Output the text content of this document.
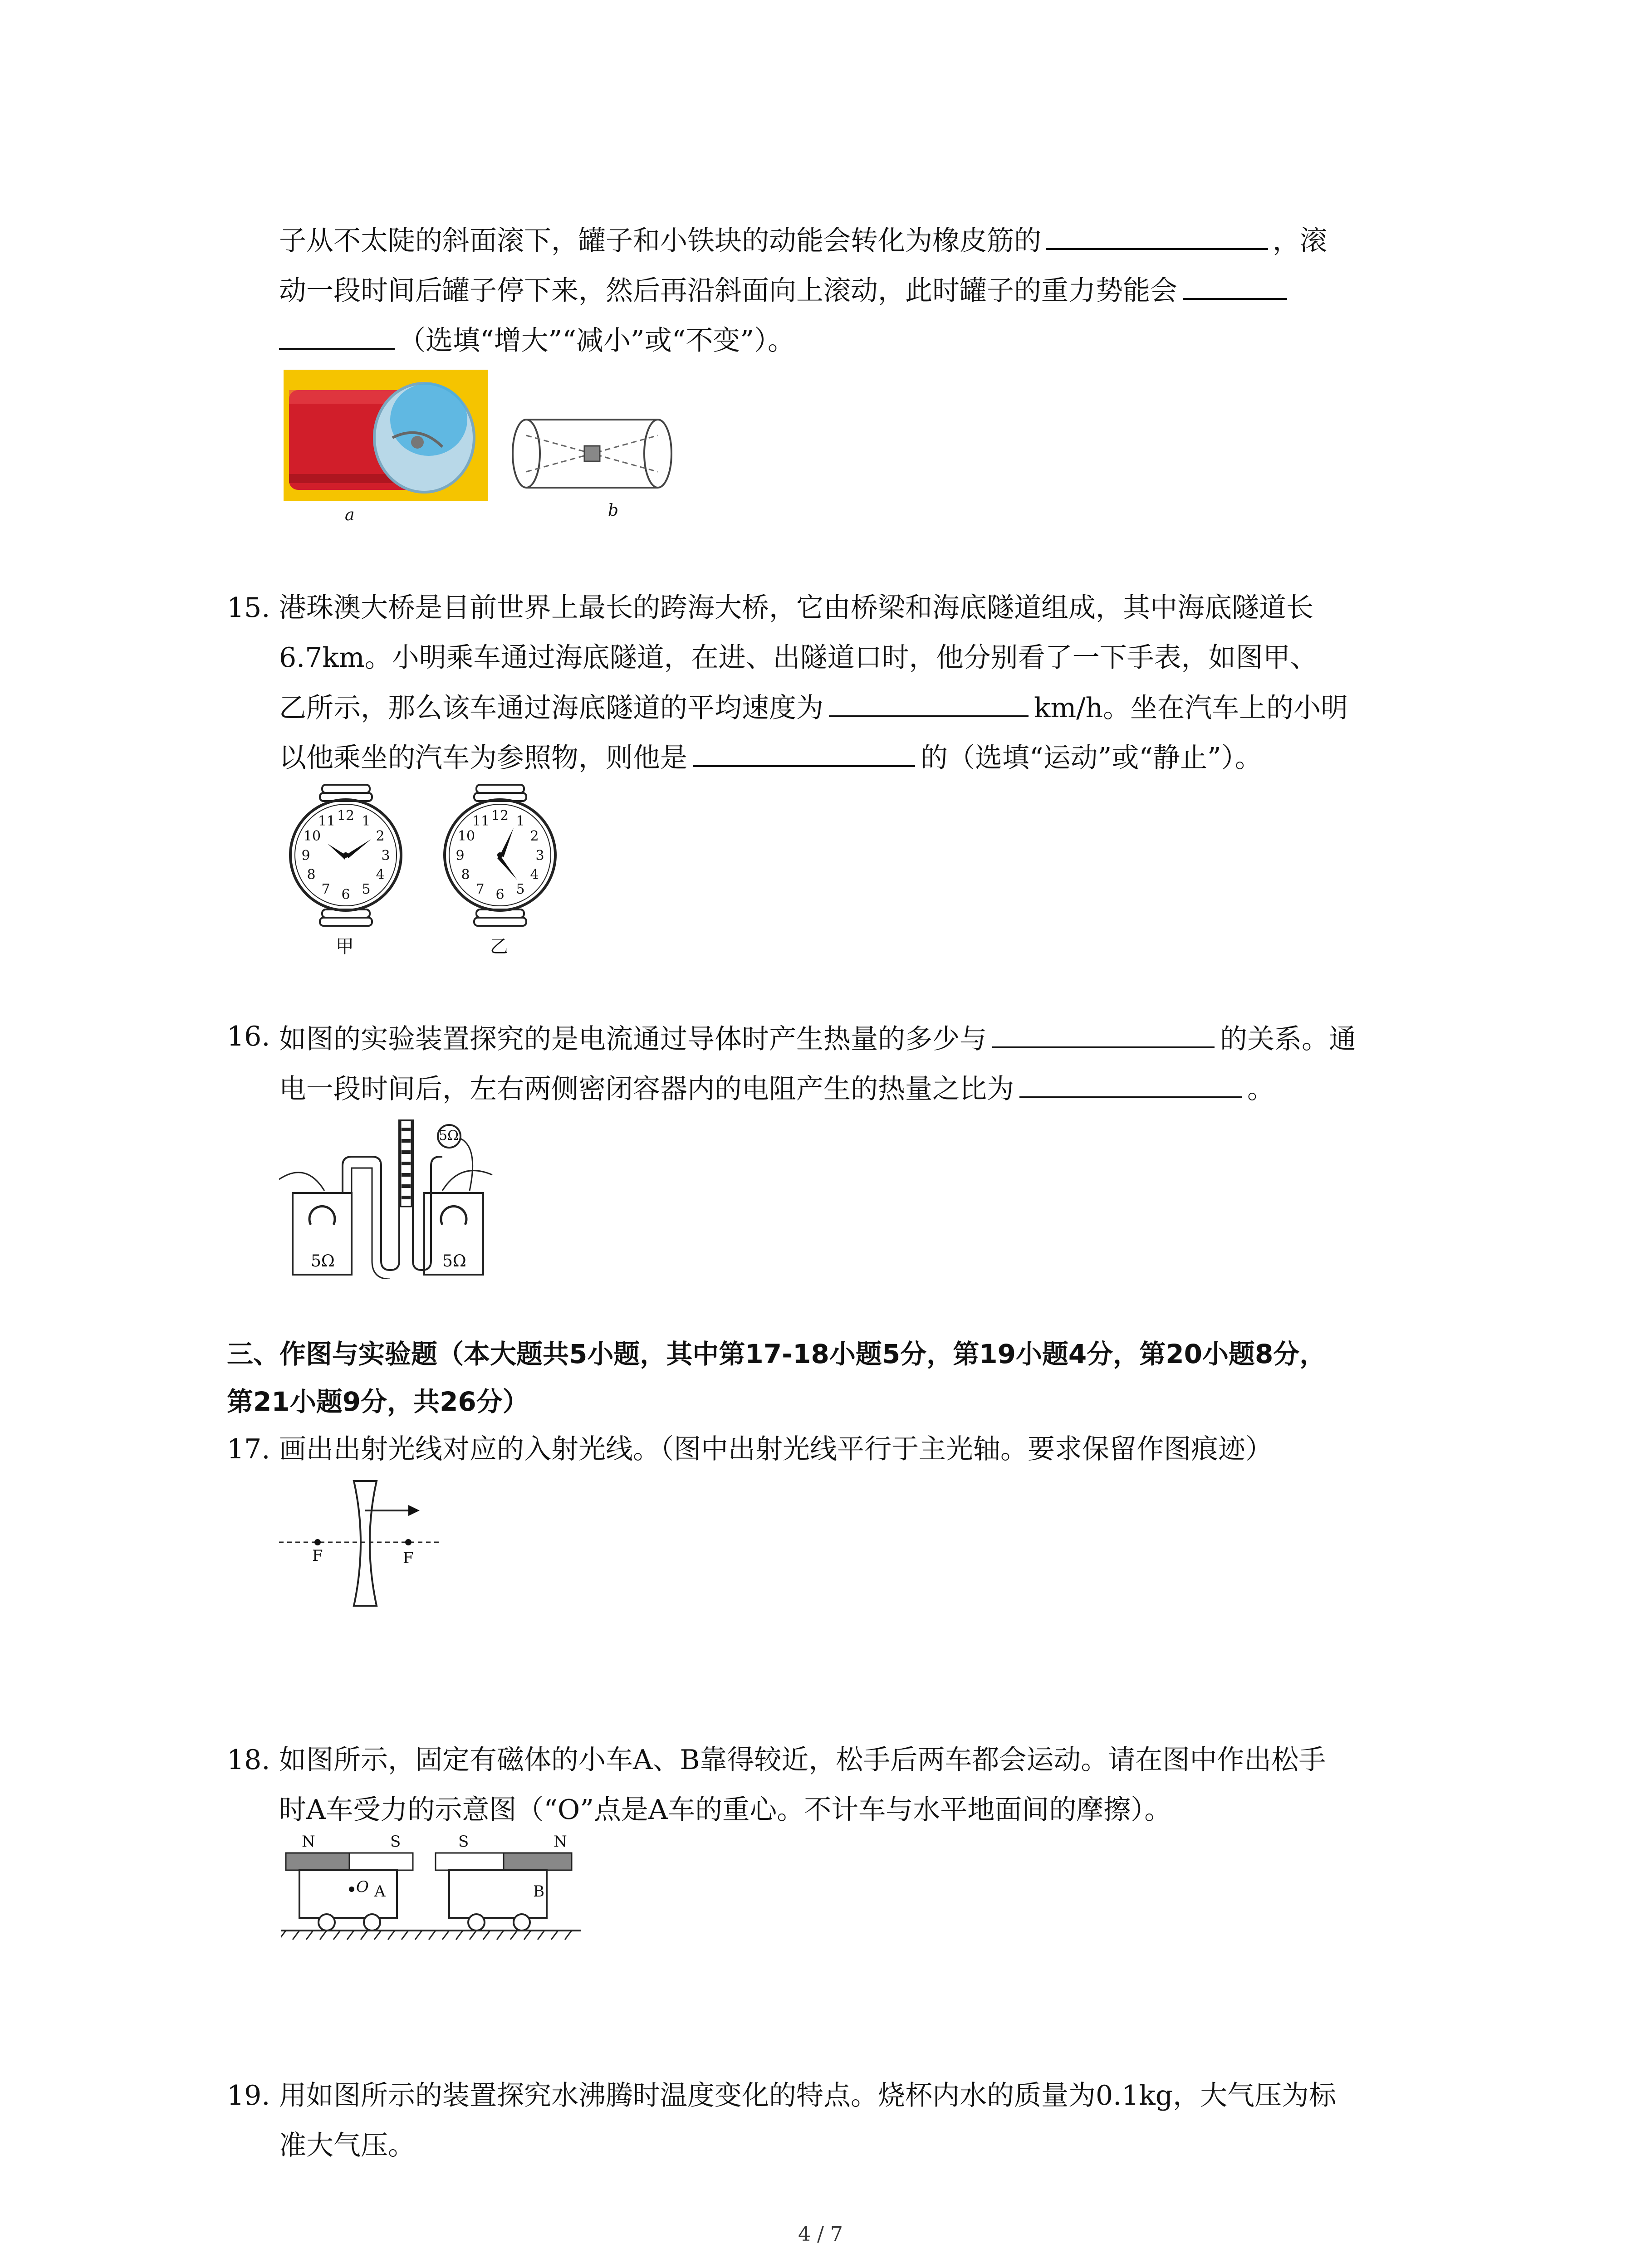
子从不太陡的斜面滚下，罐子和小铁块的动能会转化为橡皮筋的	，滚
动一段时间后罐子停下来，然后再沿斜面向上滚动，此时罐子的重力势能会
（选填“增大”“减小”或“不变”）。
a	b
15. 港珠澳大桥是目前世界上最长的跨海大桥，它由桥梁和海底隧道组成，其中海底隧道长
6.7km。小明乘车通过海底隧道，在进、出隧道口时，他分别看了一下手表，如图甲、
乙所示，那么该车通过海底隧道的平均速度为	km/h。坐在汽车上的小明
以他乘坐的汽车为参照物，则他是	的（选填“运动”或“静止”）。
12 1
2
3
4
5
6
7
8
9
10
11	12 1
2
3
4
5
6
7
8
9
10
11
甲	乙
16. 如图的实验装置探究的是电流通过导体时产生热量的多少与	的关系。通
电一段时间后，左右两侧密闭容器内的电阻产生的热量之比为	。
5Ω
5Ω	5Ω
三、作图与实验题（本大题共5小题，其中第17-18小题5分，第19小题4分，第20小题8分，
第21小题9分，共26分）
17. 画出出射光线对应的入射光线。（图中出射光线平行于主光轴。要求保留作图痕迹）
F	F
18. 如图所示，固定有磁体的小车A、B靠得较近，松手后两车都会运动。请在图中作出松手
时A车受力的示意图（“O”点是A车的重心。不计车与水平地面间的摩擦）。
N	S	S	N
O A	B
19. 用如图所示的装置探究水沸腾时温度变化的特点。烧杯内水的质量为0.1kg，大气压为标
准大气压。
4 / 7
